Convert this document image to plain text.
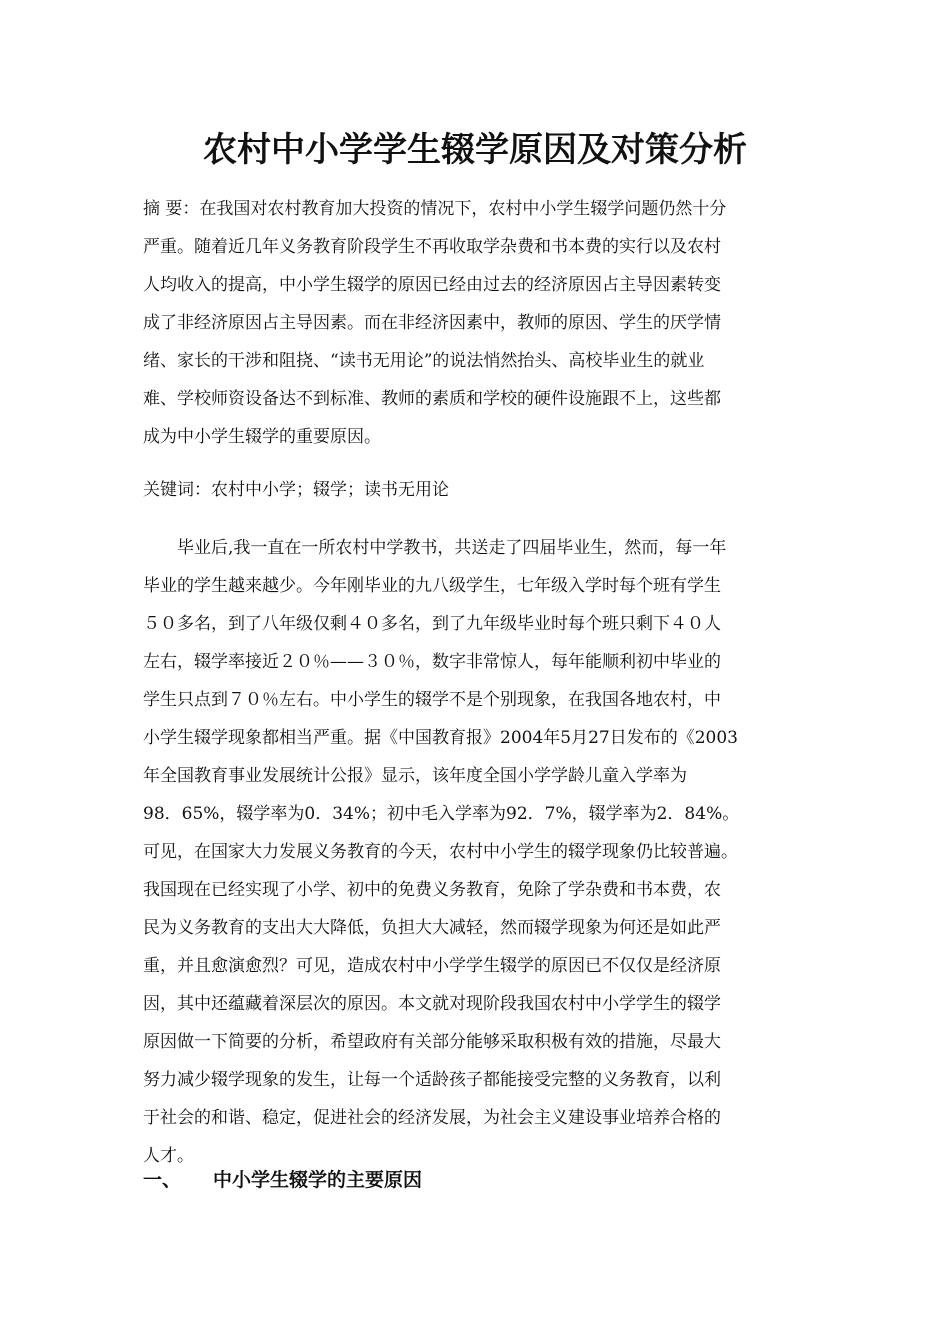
农村中小学学生辍学原因及对策分析
摘 要：在我国对农村教育加大投资的情况下，农村中小学生辍学问题仍然十分
严重。随着近几年义务教育阶段学生不再收取学杂费和书本费的实行以及农村
人均收入的提高，中小学生辍学的原因已经由过去的经济原因占主导因素转变
成了非经济原因占主导因素。而在非经济因素中，教师的原因、学生的厌学情
绪、家长的干涉和阻挠、“读书无用论”的说法悄然抬头、高校毕业生的就业
难、学校师资设备达不到标准、教师的素质和学校的硬件设施跟不上，这些都
成为中小学生辍学的重要原因。
关键词：农村中小学；辍学；读书无用论
　　毕业后,我一直在一所农村中学教书，共送走了四届毕业生，然而，每一年
毕业的学生越来越少。今年刚毕业的九八级学生，七年级入学时每个班有学生
５０多名，到了八年级仅剩４０多名，到了九年级毕业时每个班只剩下４０人
左右，辍学率接近２０％——３０％，数字非常惊人，每年能顺利初中毕业的
学生只点到７０％左右。中小学生的辍学不是个别现象，在我国各地农村，中
小学生辍学现象都相当严重。据《中国教育报》2004年5月27日发布的《2003
年全国教育事业发展统计公报》显示，该年度全国小学学龄儿童入学率为
98．65%，辍学率为0．34%；初中毛入学率为92．7%，辍学率为2．84%。
可见，在国家大力发展义务教育的今天，农村中小学生的辍学现象仍比较普遍。
我国现在已经实现了小学、初中的免费义务教育，免除了学杂费和书本费，农
民为义务教育的支出大大降低，负担大大减轻，然而辍学现象为何还是如此严
重，并且愈演愈烈？可见，造成农村中小学学生辍学的原因已不仅仅是经济原
因，其中还蕴藏着深层次的原因。本文就对现阶段我国农村中小学学生的辍学
原因做一下简要的分析，希望政府有关部分能够采取积极有效的措施，尽最大
努力减少辍学现象的发生，让每一个适龄孩子都能接受完整的义务教育，以利
于社会的和谐、稳定，促进社会的经济发展，为社会主义建设事业培养合格的
人才。
一、 中小学生辍学的主要原因
